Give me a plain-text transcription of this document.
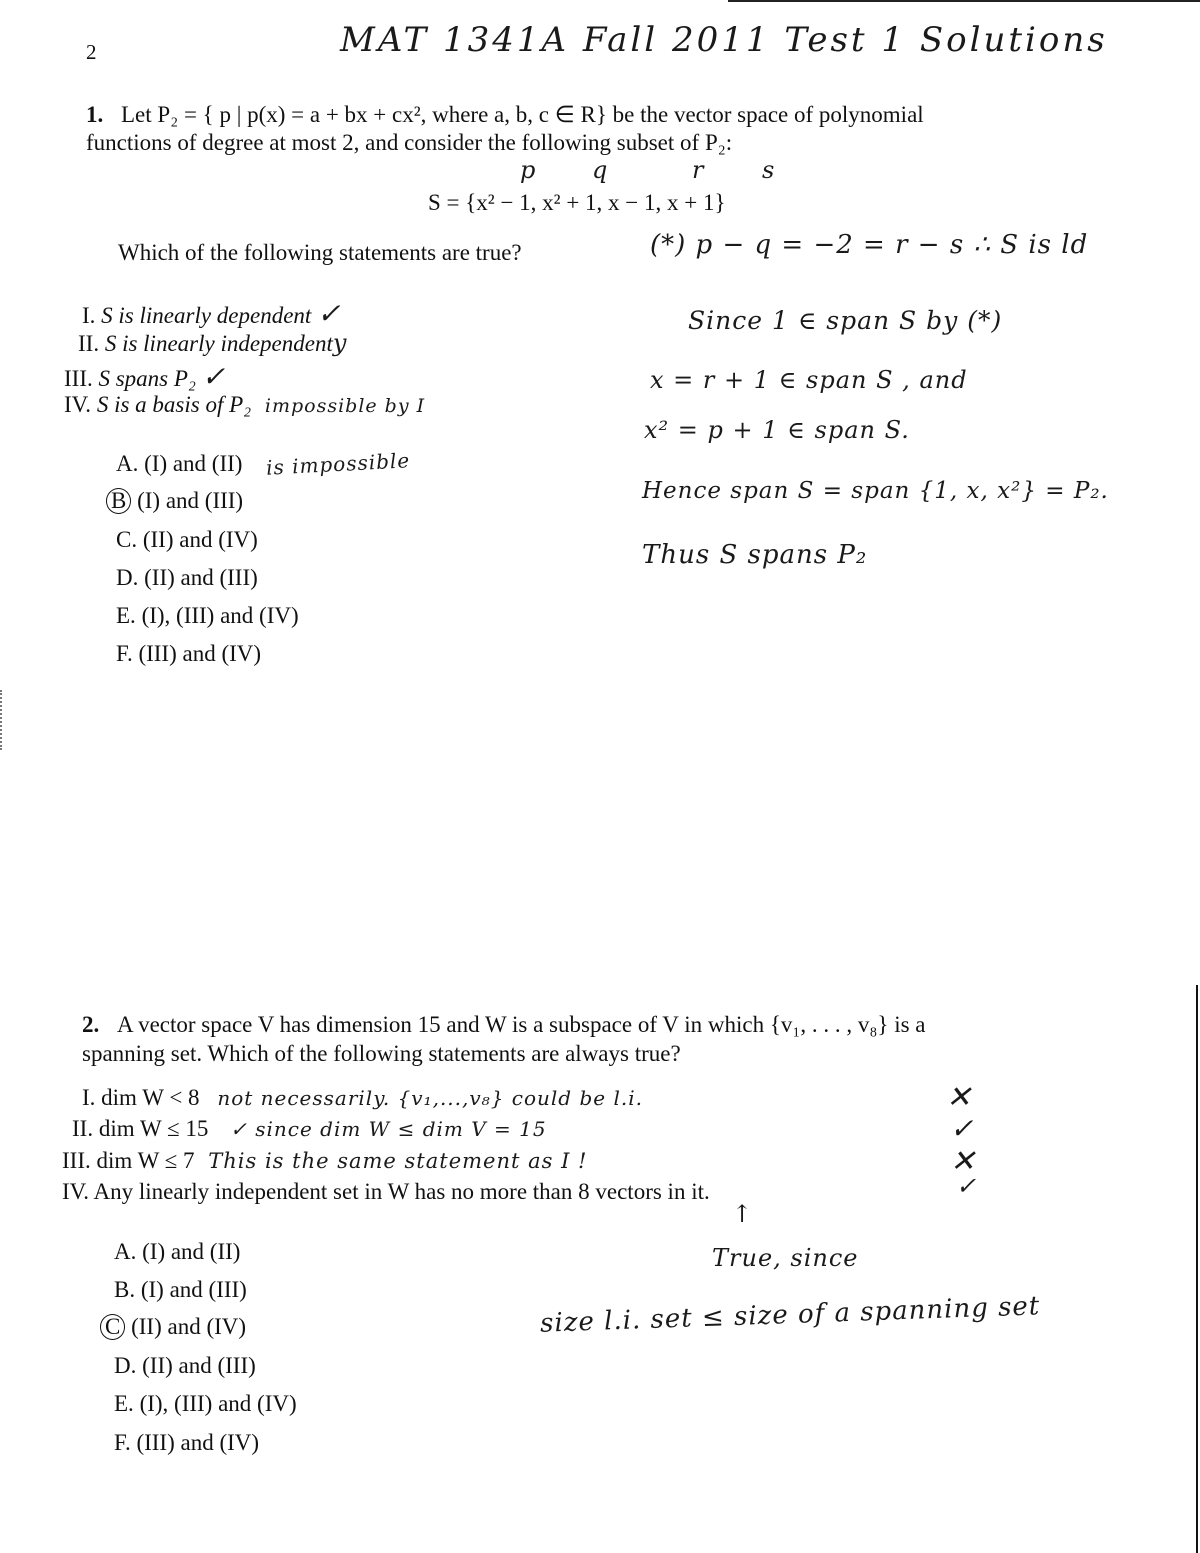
2	MAT 1341A Fall 2011 Test 1 Solutions
1. Let P₂ = { p | p(x) = a + bx + cx², where a, b, c ∈ R} be the vector space of polynomial
functions of degree at most 2, and consider the following subset of P₂:
p q	r s
S = {x² − 1, x² + 1, x − 1, x + 1}
Which of the following statements are true?
I. S is linearly dependent ✓
II. S is linearly independenty
III. S spans P₂ ✓
IV. S is a basis of P₂ impossible by I
A. (I) and (II) is impossible
B (I) and (III)
C. (II) and (IV)
D. (II) and (III)
E. (I), (III) and (IV)
F. (III) and (IV)
(*) p − q = −2 = r − s ∴ S is ld
Since 1 ∈ span S by (*)
x = r + 1 ∈ span S , and
x² = p + 1 ∈ span S.
Hence span S = span {1, x, x²} = P₂.
Thus S spans P₂
2. A vector space V has dimension 15 and W is a subspace of V in which {v₁, . . . , v₈} is a
spanning set. Which of the following statements are always true?
I. dim W < 8 not necessarily. {v₁,...,v₈} could be l.i.
II. dim W ≤ 15 ✓ since dim W ≤ dim V = 15
III. dim W ≤ 7 This is the same statement as I !
IV. Any linearly independent set in W has no more than 8 vectors in it.
✕
✓
✕
✓
↑
True, since
size l.i. set ≤ size of a spanning set
A. (I) and (II)
B. (I) and (III)
C (II) and (IV)
D. (II) and (III)
E. (I), (III) and (IV)
F. (III) and (IV)
